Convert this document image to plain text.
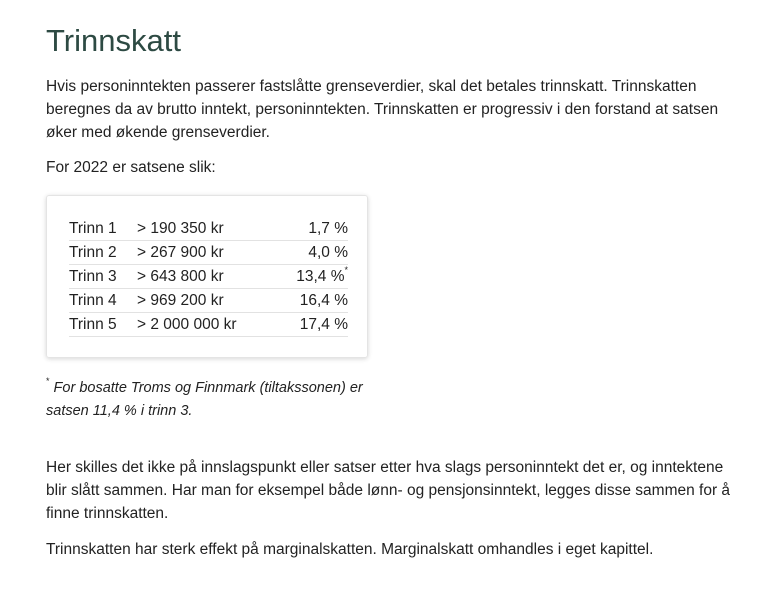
Trinnskatt

Hvis personinntekten passerer fastslåtte grenseverdier, skal det betales trinnskatt. Trinnskatten beregnes da av brutto inntekt, personinntekten. Trinnskatten er progressiv i den forstand at satsen øker med økende grenseverdier.

For 2022 er satsene slik:

Trinn 1	> 190 350 kr	1,7 %
Trinn 2	> 267 900 kr	4,0 %
Trinn 3	> 643 800 kr	13,4 %*
Trinn 4	> 969 200 kr	16,4 %
Trinn 5	> 2 000 000 kr	17,4 %

* For bosatte Troms og Finnmark (tiltakssonen) er satsen 11,4 % i trinn 3.

Her skilles det ikke på innslagspunkt eller satser etter hva slags personinntekt det er, og inntektene blir slått sammen. Har man for eksempel både lønn- og pensjonsinntekt, legges disse sammen for å finne trinnskatten.

Trinnskatten har sterk effekt på marginalskatten. Marginalskatt omhandles i eget kapittel.
